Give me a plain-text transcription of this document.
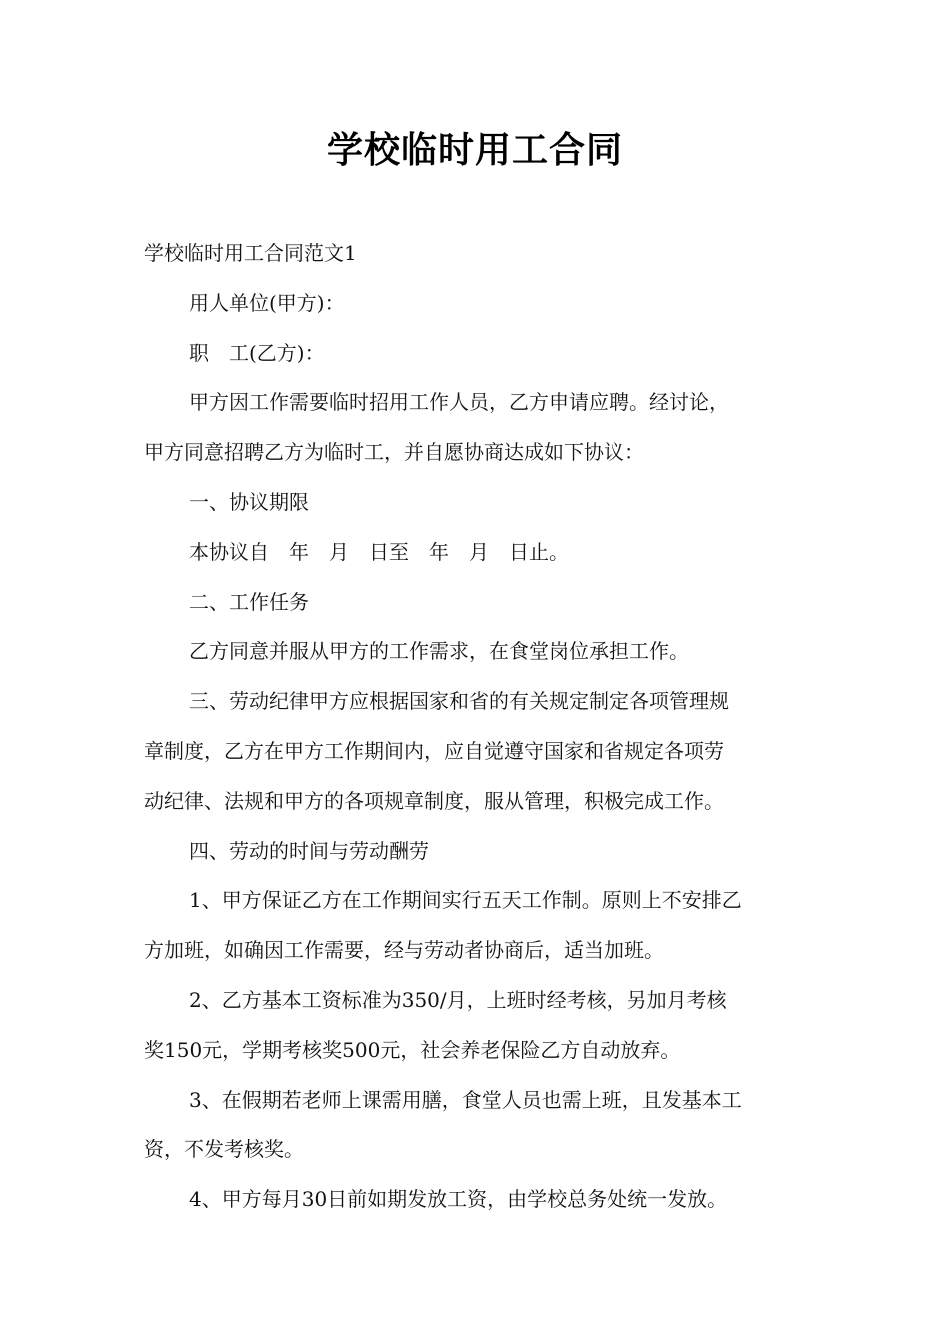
学校临时用工合同

学校临时用工合同范文1

用人单位(甲方)：

职　工(乙方)：

甲方因工作需要临时招用工作人员，乙方申请应聘。经讨论，

甲方同意招聘乙方为临时工，并自愿协商达成如下协议：

一、协议期限

本协议自　年　月　日至　年　月　日止。

二、工作任务

乙方同意并服从甲方的工作需求，在食堂岗位承担工作。

三、劳动纪律甲方应根据国家和省的有关规定制定各项管理规

章制度，乙方在甲方工作期间内，应自觉遵守国家和省规定各项劳

动纪律、法规和甲方的各项规章制度，服从管理，积极完成工作。

四、劳动的时间与劳动酬劳

1、甲方保证乙方在工作期间实行五天工作制。原则上不安排乙

方加班，如确因工作需要，经与劳动者协商后，适当加班。

2、乙方基本工资标准为350/月，上班时经考核，另加月考核

奖150元，学期考核奖500元，社会养老保险乙方自动放弃。

3、在假期若老师上课需用膳，食堂人员也需上班，且发基本工

资，不发考核奖。

4、甲方每月30日前如期发放工资，由学校总务处统一发放。
